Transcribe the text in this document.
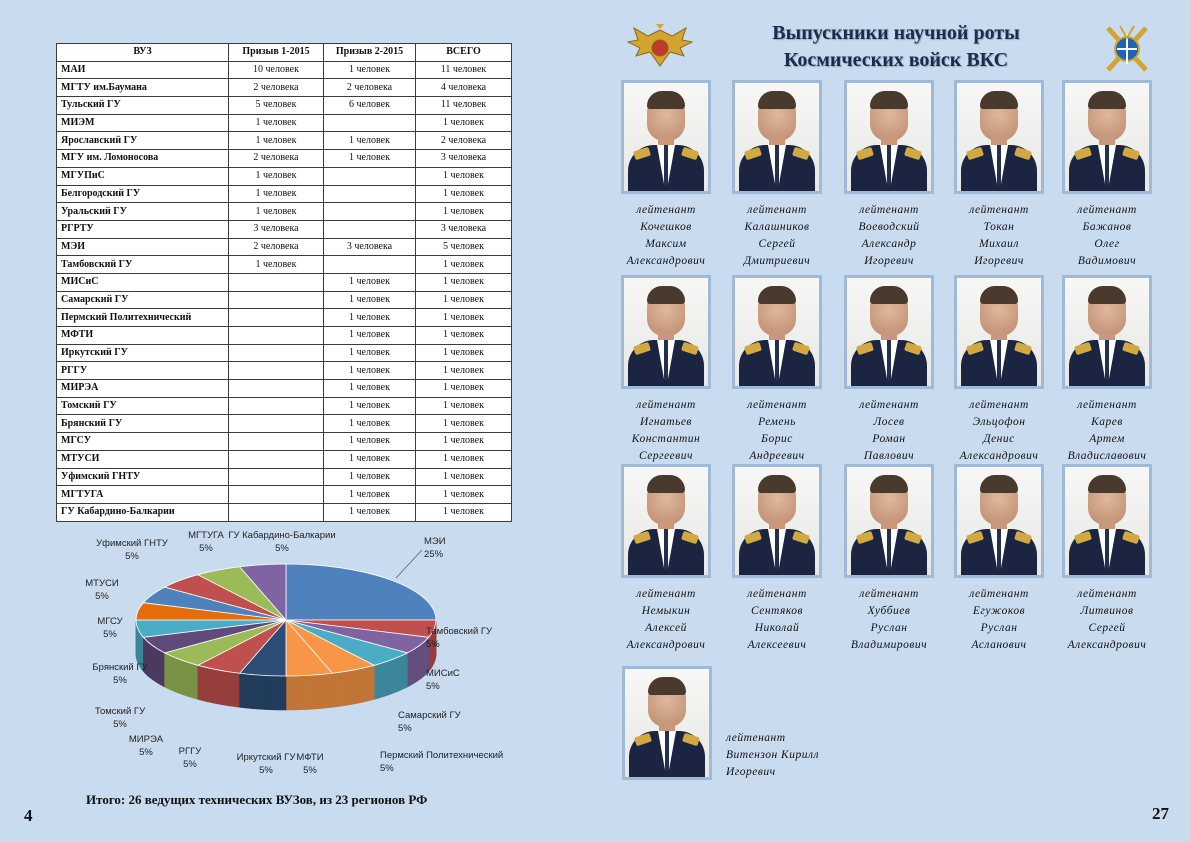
ВУЗ	Призыв 1-2015	Призыв 2-2015	ВСЕГО
МАИ	10 человек	1 человек	11 человек
МГТУ им.Баумана	2 человека	2 человека	4 человека
Тульский ГУ	5 человек	6 человек	11 человек
МИЭМ	1 человек		1 человек
Ярославский ГУ	1 человек	1 человек	2 человека
МГУ им. Ломоносова	2 человека	1 человек	3 человека
МГУПиС	1 человек		1 человек
Белгородский ГУ	1 человек		1 человек
Уральский ГУ	1 человек		1 человек
РГРТУ	3 человека		3 человека
МЭИ	2 человека	3 человека	5 человек
Тамбовский ГУ	1 человек		1 человек
МИСиС		1 человек	1 человек
Самарский ГУ		1 человек	1 человек
Пермский Политехнический		1 человек	1 человек
МФТИ		1 человек	1 человек
Иркутский ГУ		1 человек	1 человек
РГГУ		1 человек	1 человек
МИРЭА		1 человек	1 человек
Томский ГУ		1 человек	1 человек
Брянский ГУ		1 человек	1 человек
МГСУ		1 человек	1 человек
МТУСИ		1 человек	1 человек
Уфимский ГНТУ		1 человек	1 человек
МГТУГА		1 человек	1 человек
ГУ Кабардино-Балкарии		1 человек	1 человек
МЭИ 25%
Тамбовский ГУ 5%
МИСиС 5%
Самарский ГУ 5%
Пермский Политехнический 5%
МФТИ 5%
Иркутский ГУ 5%
РГГУ 5%
МИРЭА 5%
Томский ГУ 5%
Брянский ГУ 5%
МГСУ 5%
МТУСИ 5%
Уфимский ГНТУ 5%
МГТУГА 5%
ГУ Кабардино-Балкарии 5%
Итого: 26 ведущих технических ВУЗов, из 23 регионов РФ
4	27
Выпускники научной роты
Космических войск ВКС
лейтенант
Кочешков
Максим
Александрович
лейтенант
Калашников
Сергей
Дмитриевич
лейтенант
Воеводский
Александр
Игоревич
лейтенант
Токан
Михаил
Игоревич
лейтенант
Бажанов
Олег
Вадимович
лейтенант
Игнатьев
Константин
Сергеевич
лейтенант
Ремень
Борис
Андреевич
лейтенант
Лосев
Роман
Павлович
лейтенант
Эльцофон
Денис
Александрович
лейтенант
Карев
Артем
Владиславович
лейтенант
Немыкин
Алексей
Александрович
лейтенант
Сентяков
Николай
Алексеевич
лейтенант
Хуббиев
Руслан
Владимирович
лейтенант
Егужоков
Руслан
Асланович
лейтенант
Литвинов
Сергей
Александрович
лейтенант
Витензон Кирилл
Игоревич
